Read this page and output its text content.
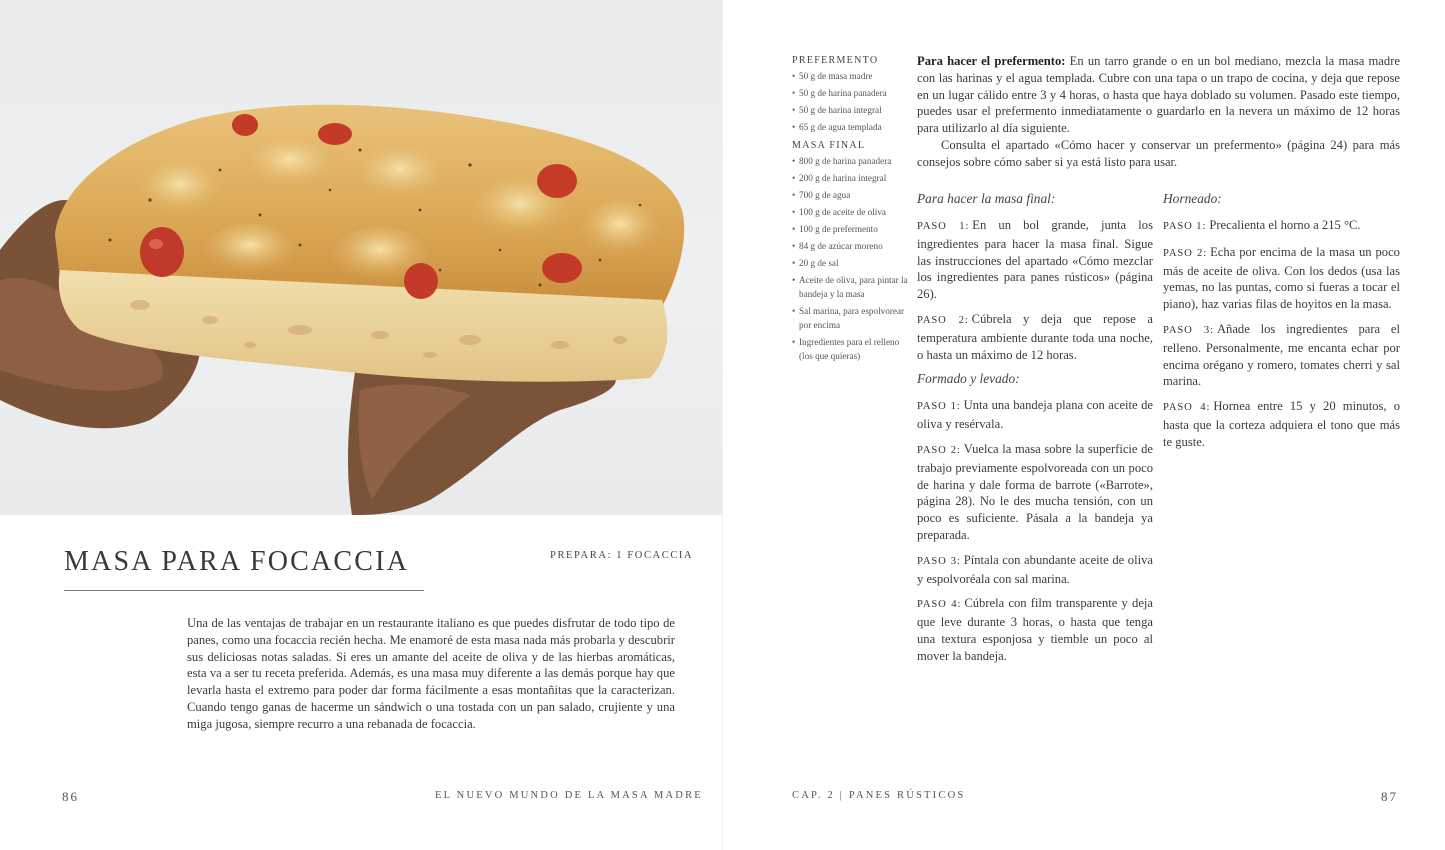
MASA PARA FOCACCIA	PREPARA: 1 FOCACCIA

Una de las ventajas de trabajar en un restaurante italiano es que puedes disfrutar de todo tipo de panes, como una focaccia recién hecha. Me enamoré de esta masa nada más probarla y descubrir sus deliciosas notas saladas. Si eres un amante del aceite de oliva y de las hierbas aromáticas, esta va a ser tu receta preferida. Además, es una masa muy diferente a las demás porque hay que levarla hasta el extremo para poder dar forma fácilmente a esas montañitas que la caracterizan. Cuando tengo ganas de hacerme un sándwich o una tostada con un pan salado, crujiente y una miga jugosa, siempre recurro a una rebanada de focaccia.

86	EL NUEVO MUNDO DE LA MASA MADRE
PREFERMENTO
• 50 g de masa madre
• 50 g de harina panadera
• 50 g de harina integral
• 65 g de agua templada
MASA FINAL
• 800 g de harina panadera
• 200 g de harina integral
• 700 g de agua
• 100 g de aceite de oliva
• 100 g de prefermento
• 84 g de azúcar moreno
• 20 g de sal
• Aceite de oliva, para pintar la bandeja y la masa
• Sal marina, para espolvorear por encima
• Ingredientes para el relleno (los que quieras)

Para hacer el prefermento: En un tarro grande o en un bol mediano, mezcla la masa madre con las harinas y el agua templada. Cubre con una tapa o un trapo de cocina, y deja que repose en un lugar cálido entre 3 y 4 horas, o hasta que haya doblado su volumen. Pasado este tiempo, puedes usar el prefermento inmediatamente o guardarlo en la nevera un máximo de 12 horas para utilizarlo al día siguiente.

Consulta el apartado «Cómo hacer y conservar un prefermento» (página 24) para más consejos sobre cómo saber si ya está listo para usar.

Para hacer la masa final:

PASO 1: En un bol grande, junta los ingredientes para hacer la masa final. Sigue las instrucciones del apartado «Cómo mezclar los ingredientes para panes rústicos» (página 26).

PASO 2: Cúbrela y deja que repose a temperatura ambiente durante toda una noche, o hasta un máximo de 12 horas.

Formado y levado:

PASO 1: Unta una bandeja plana con aceite de oliva y resérvala.

PASO 2: Vuelca la masa sobre la superficie de trabajo previamente espolvoreada con un poco de harina y dale forma de barrote («Barrote», página 28). No le des mucha tensión, con un poco es suficiente. Pásala a la bandeja ya preparada.

PASO 3: Píntala con abundante aceite de oliva y espolvoréala con sal marina.

PASO 4: Cúbrela con film transparente y deja que leve durante 3 horas, o hasta que tenga una textura esponjosa y tiemble un poco al mover la bandeja.

Horneado:

PASO 1: Precalienta el horno a 215 °C.

PASO 2: Echa por encima de la masa un poco más de aceite de oliva. Con los dedos (usa las yemas, no las puntas, como si fueras a tocar el piano), haz varias filas de hoyitos en la masa.

PASO 3: Añade los ingredientes para el relleno. Personalmente, me encanta echar por encima orégano y romero, tomates cherri y sal marina.

PASO 4: Hornea entre 15 y 20 minutos, o hasta que la corteza adquiera el tono que más te guste.

CAP. 2 | PANES RÚSTICOS	87
